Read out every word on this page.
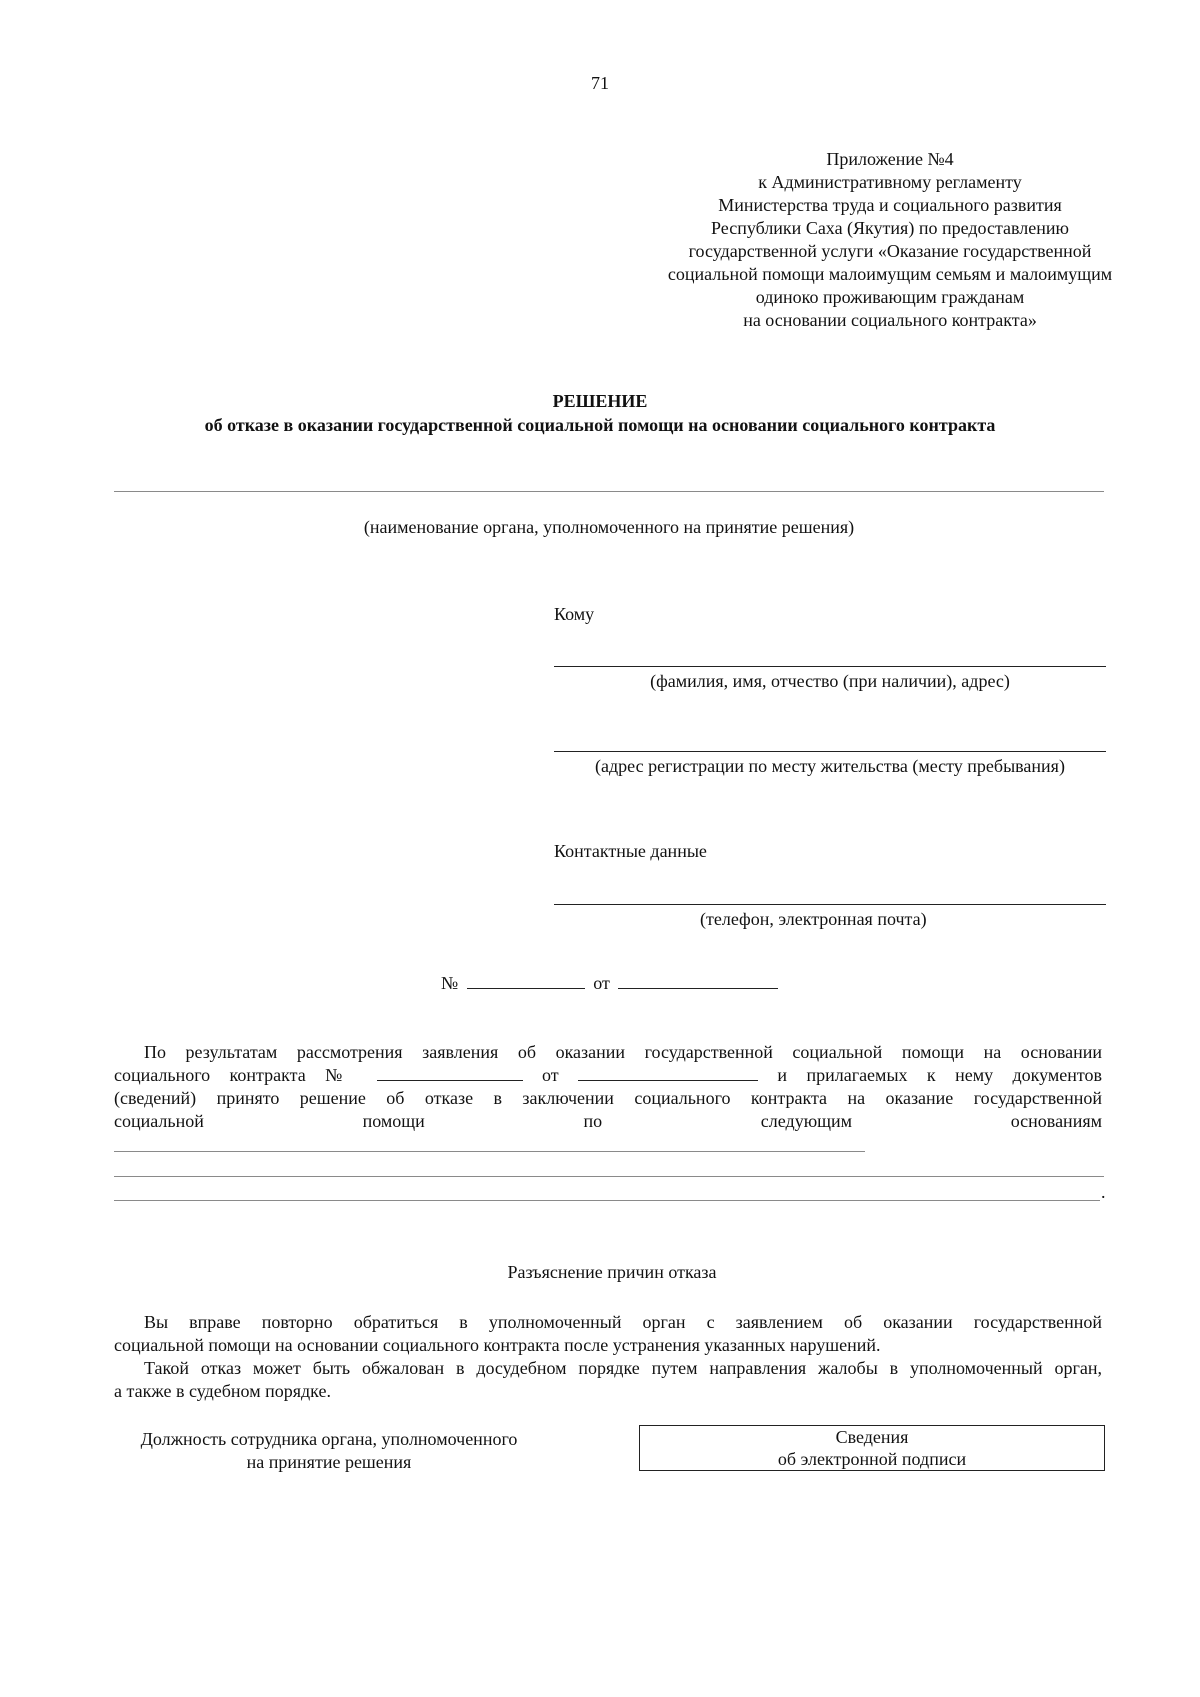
71
Приложение №4
к Административному регламенту
Министерства труда и социального развития
Республики Саха (Якутия) по предоставлению
государственной услуги «Оказание государственной
социальной помощи малоимущим семьям и малоимущим
одиноко проживающим гражданам
на основании социального контракта»
РЕШЕНИЕ
об отказе в оказании государственной социальной помощи на основании социального контракта
(наименование органа, уполномоченного на принятие решения)
Кому
(фамилия, имя, отчество (при наличии), адрес)
(адрес регистрации по месту жительства (месту пребывания)
Контактные данные
(телефон, электронная почта)
№	от

По результатам рассмотрения заявления об оказании государственной социальной помощи на основании

социального контракта №	от	и прилагаемых к нему документов

(сведений) принято решение об отказе в заключении социального контракта на оказание государственной

социальной помощи по следующим основаниям

.
Разъяснение причин отказа

Вы вправе повторно обратиться в уполномоченный орган с заявлением об оказании государственной

социальной помощи на основании социального контракта после устранения указанных нарушений.

Такой отказ может быть обжалован в досудебном порядке путем направления жалобы в уполномоченный орган,

а также в судебном порядке.

Должность сотрудника органа, уполномоченного
на принятие решения
Сведения
об электронной подписи
